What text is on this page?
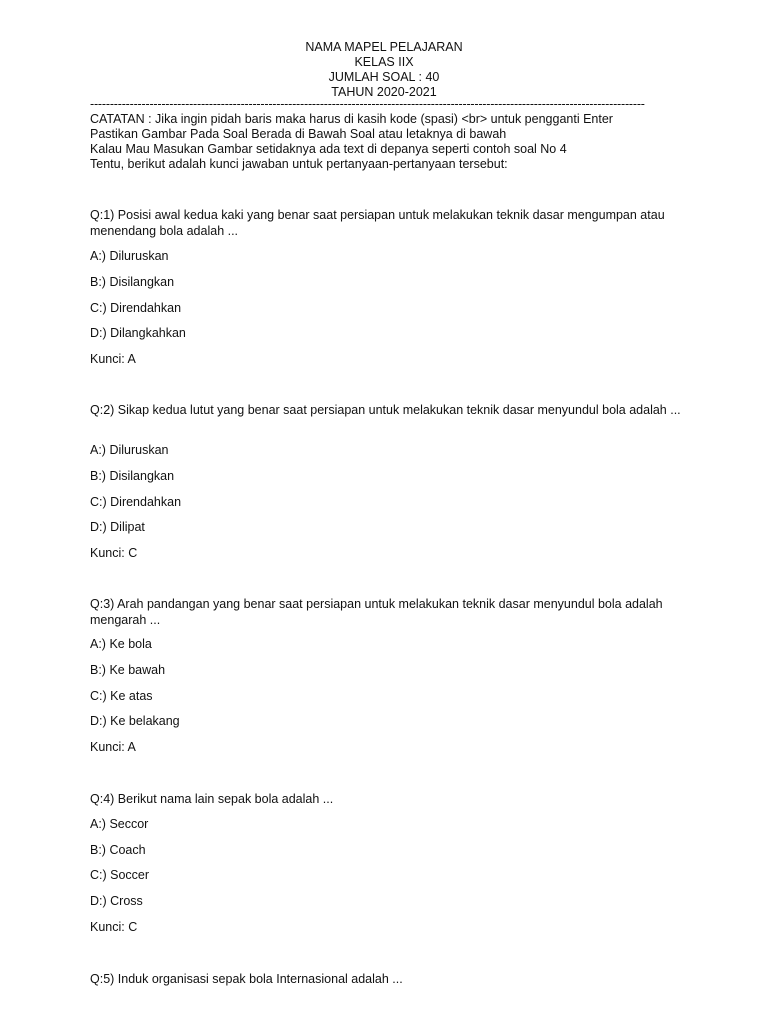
NAMA MAPEL PELAJARAN
KELAS IIX
JUMLAH SOAL : 40
TAHUN 2020-2021
--------------------------------------------------------------------------------------------------------------------------------------------
CATATAN : Jika ingin pidah baris maka harus di kasih kode (spasi) <br> untuk pengganti Enter
Pastikan Gambar Pada Soal Berada di Bawah Soal atau letaknya di bawah
Kalau Mau Masukan Gambar setidaknya ada text di depanya seperti contoh soal No 4
Tentu, berikut adalah kunci jawaban untuk pertanyaan-pertanyaan tersebut:
Q:1) Posisi awal kedua kaki yang benar saat persiapan untuk melakukan teknik dasar mengumpan atau menendang bola adalah ...
A:) Diluruskan
B:) Disilangkan
C:) Direndahkan
D:) Dilangkahkan
Kunci: A
Q:2) Sikap kedua lutut yang benar saat persiapan untuk melakukan teknik dasar menyundul bola adalah ...
A:) Diluruskan
B:) Disilangkan
C:) Direndahkan
D:) Dilipat
Kunci: C
Q:3) Arah pandangan yang benar saat persiapan untuk melakukan teknik dasar menyundul bola adalah mengarah ...
A:) Ke bola
B:) Ke bawah
C:) Ke atas
D:) Ke belakang
Kunci: A
Q:4) Berikut nama lain sepak bola adalah ...
A:) Seccor
B:) Coach
C:) Soccer
D:) Cross
Kunci: C
Q:5) Induk organisasi sepak bola Internasional adalah ...
